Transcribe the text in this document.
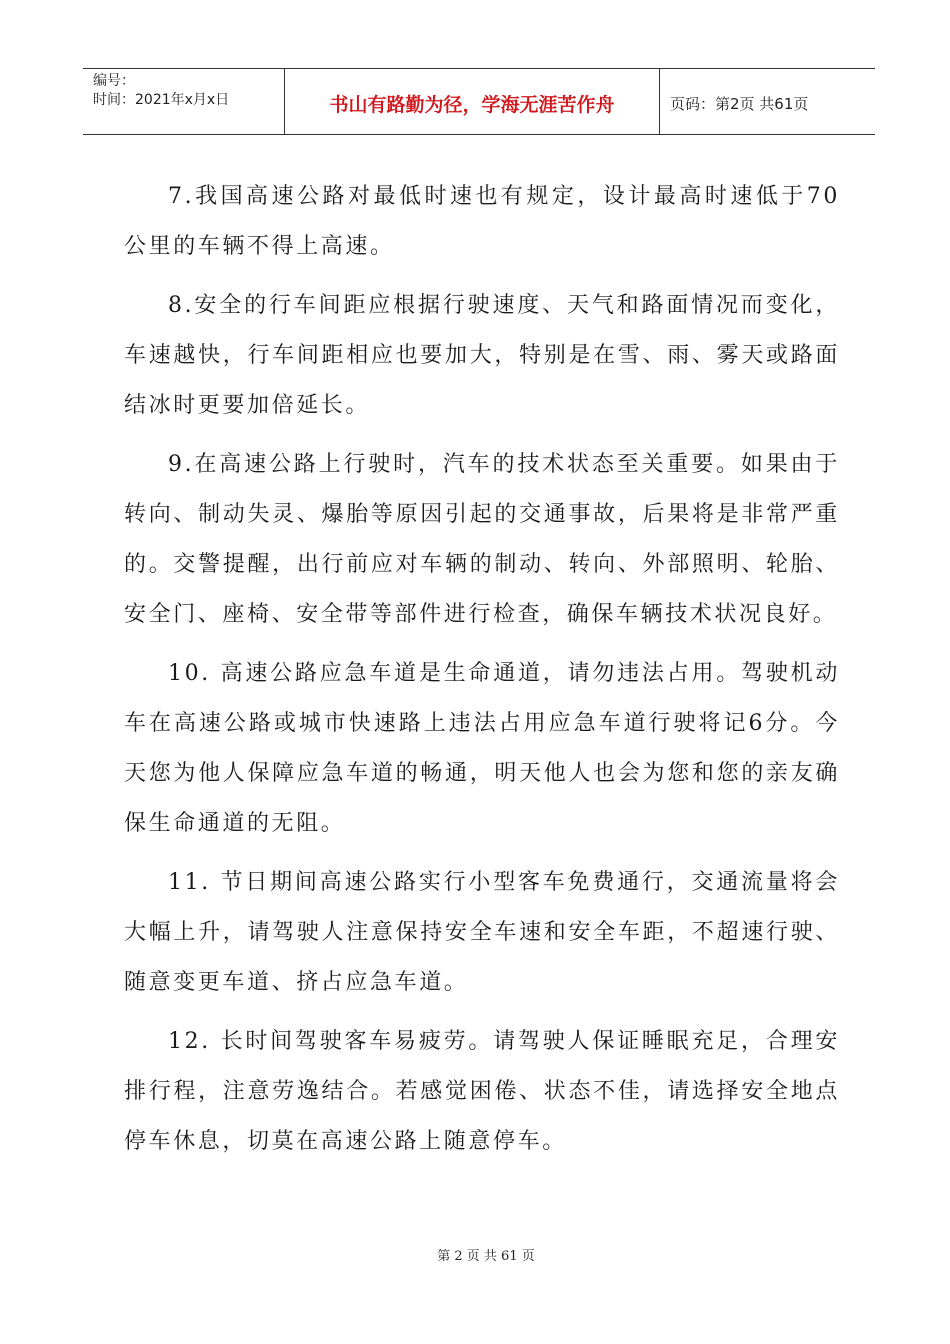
编号：
时间：2021年x月x日	书山有路勤为径，学海无涯苦作舟	页码：第2页 共61页

7.我国高速公路对最低时速也有规定，设计最高时速低于70公里的车辆不得上高速。

8.安全的行车间距应根据行驶速度、天气和路面情况而变化，车速越快，行车间距相应也要加大，特别是在雪、雨、雾天或路面结冰时更要加倍延长。

9.在高速公路上行驶时，汽车的技术状态至关重要。如果由于转向、制动失灵、爆胎等原因引起的交通事故，后果将是非常严重的。交警提醒，出行前应对车辆的制动、转向、外部照明、轮胎、安全门、座椅、安全带等部件进行检查，确保车辆技术状况良好。

10. 高速公路应急车道是生命通道，请勿违法占用。驾驶机动车在高速公路或城市快速路上违法占用应急车道行驶将记6分。今天您为他人保障应急车道的畅通，明天他人也会为您和您的亲友确保生命通道的无阻。

11. 节日期间高速公路实行小型客车免费通行，交通流量将会大幅上升，请驾驶人注意保持安全车速和安全车距，不超速行驶、随意变更车道、挤占应急车道。

12. 长时间驾驶客车易疲劳。请驾驶人保证睡眠充足，合理安排行程，注意劳逸结合。若感觉困倦、状态不佳，请选择安全地点停车休息，切莫在高速公路上随意停车。

第 2 页 共 61 页
